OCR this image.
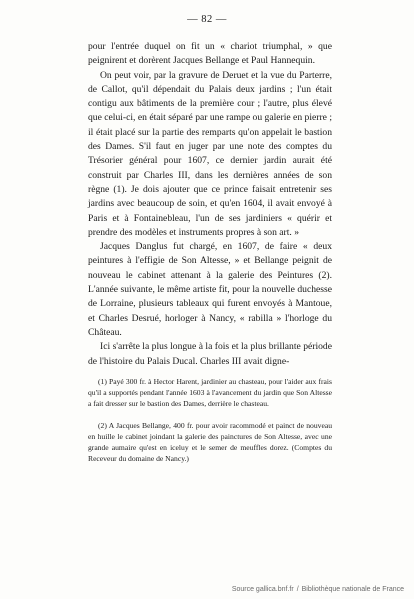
— 82 —

pour l'entrée duquel on fit un « chariot triumphal, » que peignirent et dorèrent Jacques Bellange et Paul Hannequin.

On peut voir, par la gravure de Deruet et la vue du Parterre, de Callot, qu'il dépendait du Palais deux jardins ; l'un était contigu aux bâtiments de la première cour ; l'autre, plus élevé que celui-ci, en était séparé par une rampe ou galerie en pierre ; il était placé sur la partie des remparts qu'on appelait le bastion des Dames. S'il faut en juger par une note des comptes du Trésorier général pour 1607, ce dernier jardin aurait été construit par Charles III, dans les dernières années de son règne (1). Je dois ajouter que ce prince faisait entretenir ses jardins avec beaucoup de soin, et qu'en 1604, il avait envoyé à Paris et à Fontainebleau, l'un de ses jardiniers « quérir et prendre des modèles et instruments propres à son art. »

Jacques Danglus fut chargé, en 1607, de faire « deux peintures à l'effigie de Son Altesse, » et Bellange peignit de nouveau le cabinet attenant à la galerie des Peintures (2). L'année suivante, le même artiste fit, pour la nouvelle duchesse de Lorraine, plusieurs tableaux qui furent envoyés à Mantoue, et Charles Desrué, horloger à Nancy, « rabilla » l'horloge du Château.

Ici s'arrête la plus longue à la fois et la plus brillante période de l'histoire du Palais Ducal. Charles III avait digne-

(1) Payé 300 fr. à Hector Harent, jardinier au chasteau, pour l'aider aux frais qu'il a supportés pendant l'année 1603 à l'avancement du jardin que Son Altesse a fait dresser sur le bastion des Dames, derrière le chasteau.

(2) A Jacques Bellange, 400 fr. pour avoir racommodé et painct de nouveau en huille le cabinet joindant la galerie des painctures de Son Altesse, avec une grande aumaire qu'est en iceluy et le semer de meuffles dorez. (Comptes du Receveur du domaine de Nancy.)

Source gallica.bnf.fr / Bibliothèque nationale de France
